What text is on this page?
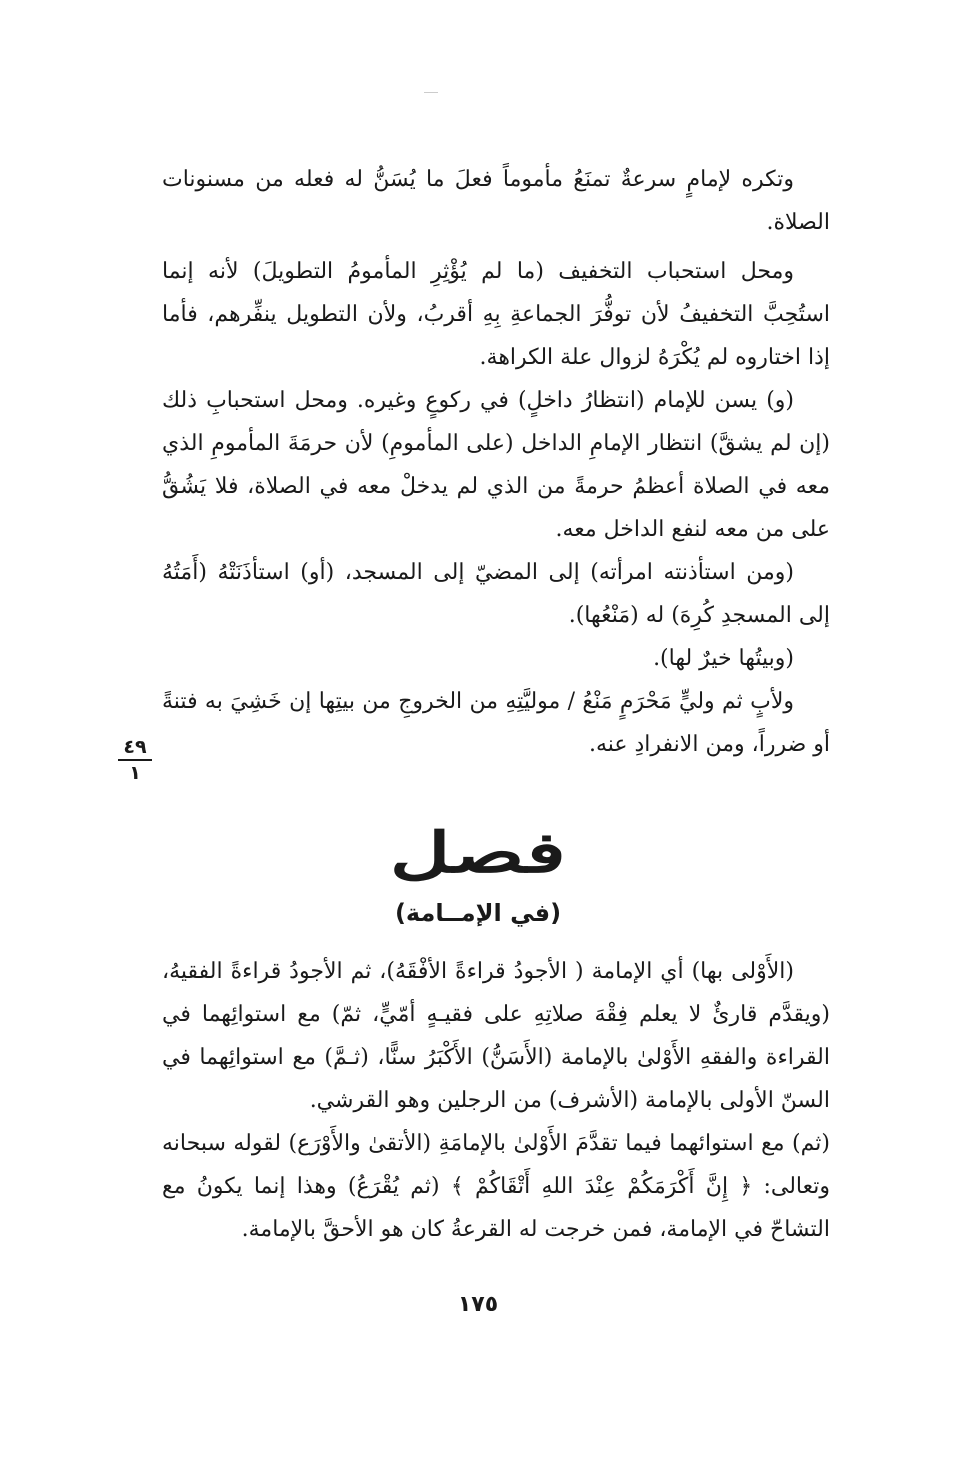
وتكره لإمامٍ سرعةٌ تمنَعُ مأموماً فعلَ ما يُسَنُّ له فعله من مسنونات الصلاة.

ومحل استحباب التخفيف (ما لم يُؤْثِرِ المأمومُ التطويلَ) لأنه إنما استُحِبَّ التخفيفُ لأن توفُّرَ الجماعةِ بِهِ أقربُ، ولأن التطويل ينفِّرهم، فأما إذا اختاروه لم يُكْرَهُ لزوال علة الكراهة.

(و) يسن للإمام (انتظارُ داخلٍ) في ركوعٍ وغيره. ومحل استحبابِ ذلك (إن لم يشقَّ) انتظار الإمامِ الداخل (على المأمومِ) لأن حرمَةَ المأمومِ الذي معه في الصلاة أعظمُ حرمةً من الذي لم يدخلْ معه في الصلاة، فلا يَشُقُّ على من معه لنفع الداخل معه.

(ومن استأذنته امرأته) إلى المضيّ إلى المسجد، (أو) استأذَنَتْهُ (أَمَتُهُ إلى المسجدِ كُرِهَ) له (مَنْعُها).

(وبيتُها خيرٌ لها).

ولأبٍ ثم وليٍّ مَحْرَمٍ مَنْعُ / موليَّتِهِ من الخروجِ من بيتِها إن خَشِيَ به فتنةً أو ضرراً، ومن الانفرادِ عنه.

٤٩
١
فصل
(في الإمــامة)

(الأَوْلى بها) أي الإمامة ( الأجودُ قراءةً الأفْقَهُ)، ثم الأجودُ قراءةً الفقيهُ، (ويقدَّم قارئٌ لا يعلم فِقْهَ صلاتِهِ على فقيـهٍ أمّيٍّ، ثمّ) مع استوائِهما في القراءة والفقهِ الأَوْلىٰ بالإمامة (الأَسَنُّ) الأَكْبَرُ سنًّا، (ثـمَّ) مع استوائِهما في السنّ الأولى بالإمامة (الأشرف) من الرجلين وهو القرشي.

(ثم) مع استوائهما فيما تقدَّمَ الأَوْلىٰ بالإمامَةِ (الأتقىٰ والأَوْرَع) لقوله سبحانه وتعالى: ﴿ إِنَّ أَكْرَمَكُمْ عِنْدَ اللهِ أَتْقَاكُمْ ﴾ (ثم يُقْرَعُ) وهذا إنما يكونُ مع التشاحّ في الإمامة، فمن خرجت له القرعةُ كان هو الأحقَّ بالإمامة.

١٧٥
